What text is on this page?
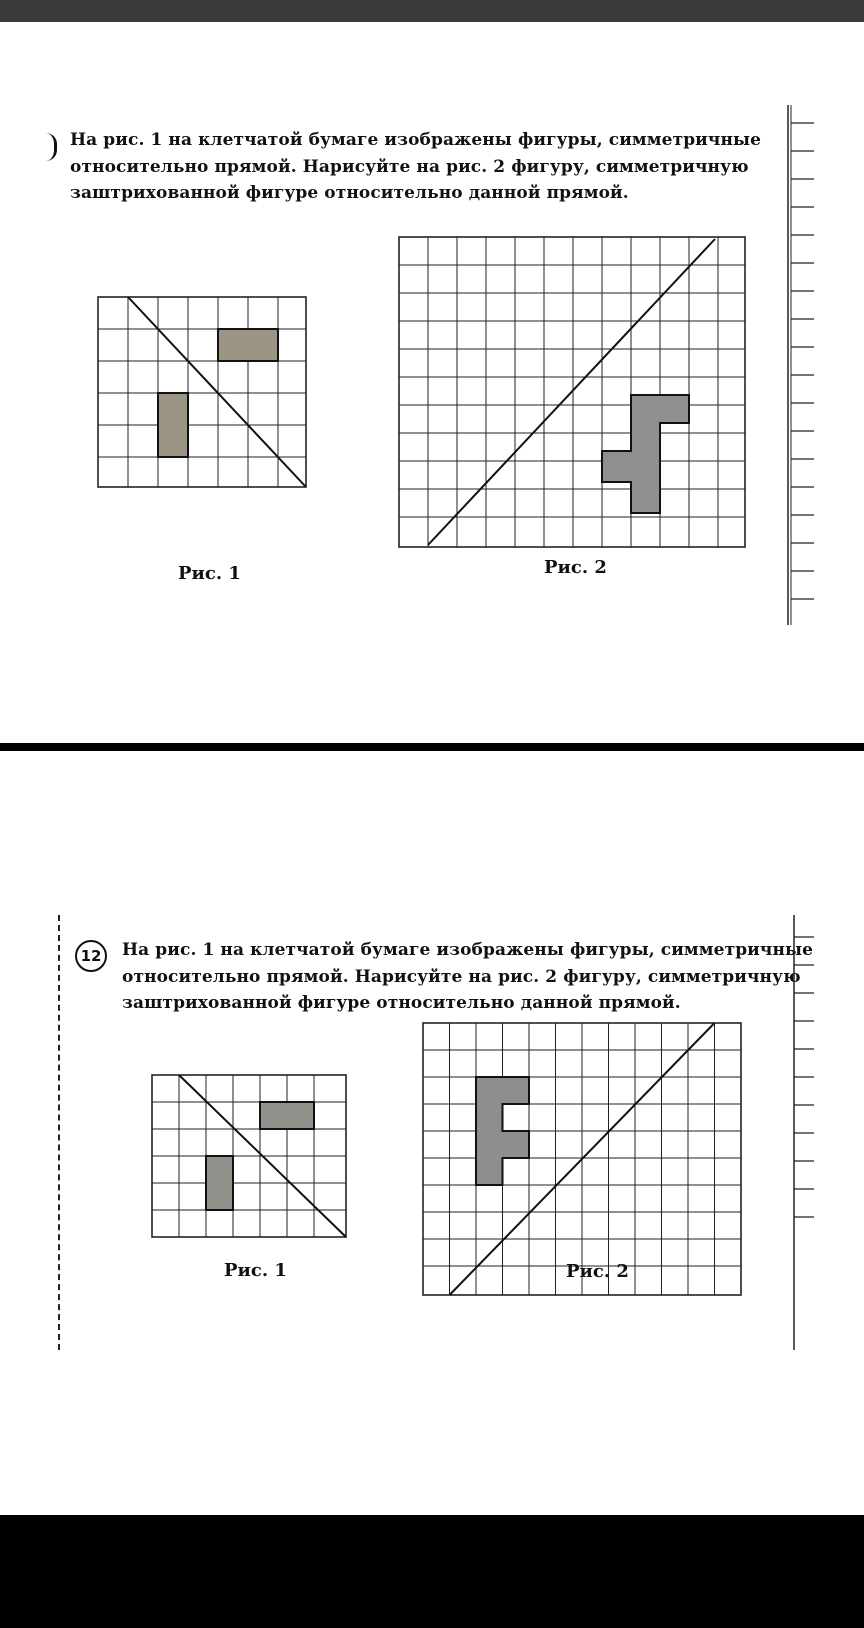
На рис. 1 на клетчатой бумаге изображены фигуры, симметричные
относительно прямой. Нарисуйте на рис. 2 фигуру, симметричную
заштрихованной фигуре относительно данной прямой.
Рис. 1	Рис. 2
12	На рис. 1 на клетчатой бумаге изображены фигуры, симметричные
относительно прямой. Нарисуйте на рис. 2 фигуру, симметричную
заштрихованной фигуре относительно данной прямой.
Рис. 1	Рис. 2
